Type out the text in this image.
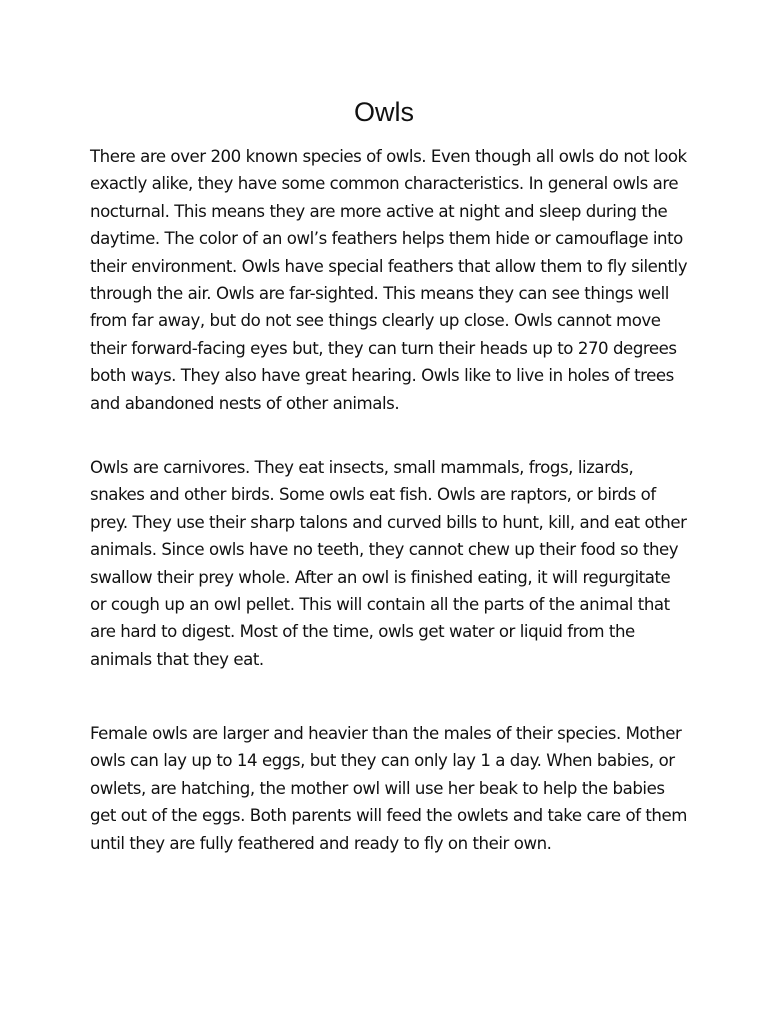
Owls

There are over 200 known species of owls. Even though all owls do not look exactly alike, they have some common characteristics. In general owls are nocturnal. This means they are more active at night and sleep during the daytime. The color of an owl’s feathers helps them hide or camouflage into their environment. Owls have special feathers that allow them to fly silently through the air. Owls are far-sighted. This means they can see things well from far away, but do not see things clearly up close. Owls cannot move their forward-facing eyes but, they can turn their heads up to 270 degrees both ways. They also have great hearing. Owls like to live in holes of trees and abandoned nests of other animals.

Owls are carnivores. They eat insects, small mammals, frogs, lizards, snakes and other birds. Some owls eat fish. Owls are raptors, or birds of prey. They use their sharp talons and curved bills to hunt, kill, and eat other animals. Since owls have no teeth, they cannot chew up their food so they swallow their prey whole. After an owl is finished eating, it will regurgitate or cough up an owl pellet. This will contain all the parts of the animal that are hard to digest. Most of the time, owls get water or liquid from the animals that they eat.

Female owls are larger and heavier than the males of their species. Mother owls can lay up to 14 eggs, but they can only lay 1 a day. When babies, or owlets, are hatching, the mother owl will use her beak to help the babies get out of the eggs. Both parents will feed the owlets and take care of them until they are fully feathered and ready to fly on their own.
